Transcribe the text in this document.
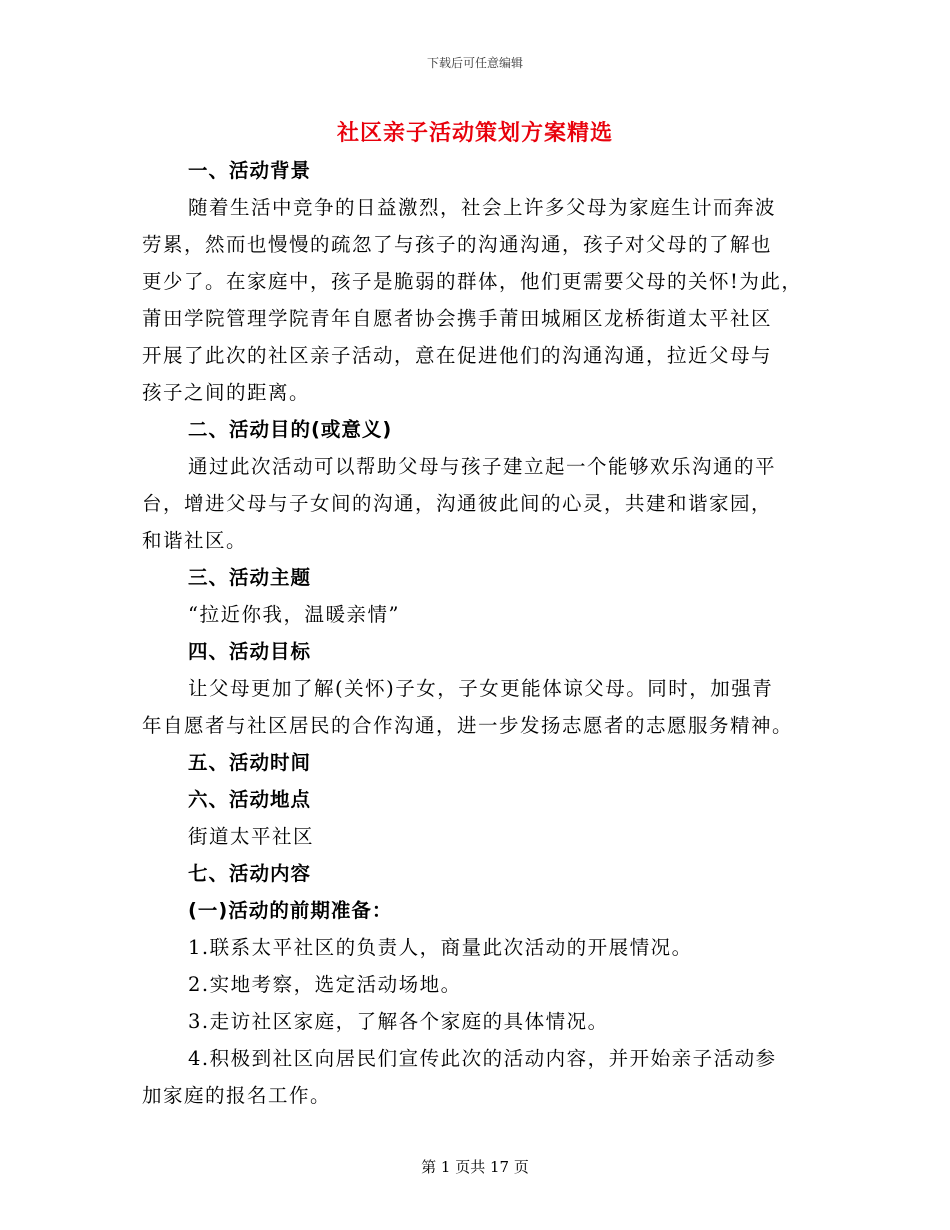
下载后可任意编辑
社区亲子活动策划方案精选
一、活动背景
随着生活中竞争的日益激烈，社会上许多父母为家庭生计而奔波
劳累，然而也慢慢的疏忽了与孩子的沟通沟通，孩子对父母的了解也
更少了。在家庭中，孩子是脆弱的群体，他们更需要父母的关怀!为此，
莆田学院管理学院青年自愿者协会携手莆田城厢区龙桥街道太平社区
开展了此次的社区亲子活动，意在促进他们的沟通沟通，拉近父母与
孩子之间的距离。
二、活动目的(或意义)
通过此次活动可以帮助父母与孩子建立起一个能够欢乐沟通的平
台，增进父母与子女间的沟通，沟通彼此间的心灵，共建和谐家园，
和谐社区。
三、活动主题
“拉近你我，温暖亲情”
四、活动目标
让父母更加了解(关怀)子女，子女更能体谅父母。同时，加强青
年自愿者与社区居民的合作沟通，进一步发扬志愿者的志愿服务精神。
五、活动时间
六、活动地点
街道太平社区
七、活动内容
(一)活动的前期准备：
1.联系太平社区的负责人，商量此次活动的开展情况。
2.实地考察，选定活动场地。
3.走访社区家庭，了解各个家庭的具体情况。
4.积极到社区向居民们宣传此次的活动内容，并开始亲子活动参
加家庭的报名工作。
第 1 页共 17 页
